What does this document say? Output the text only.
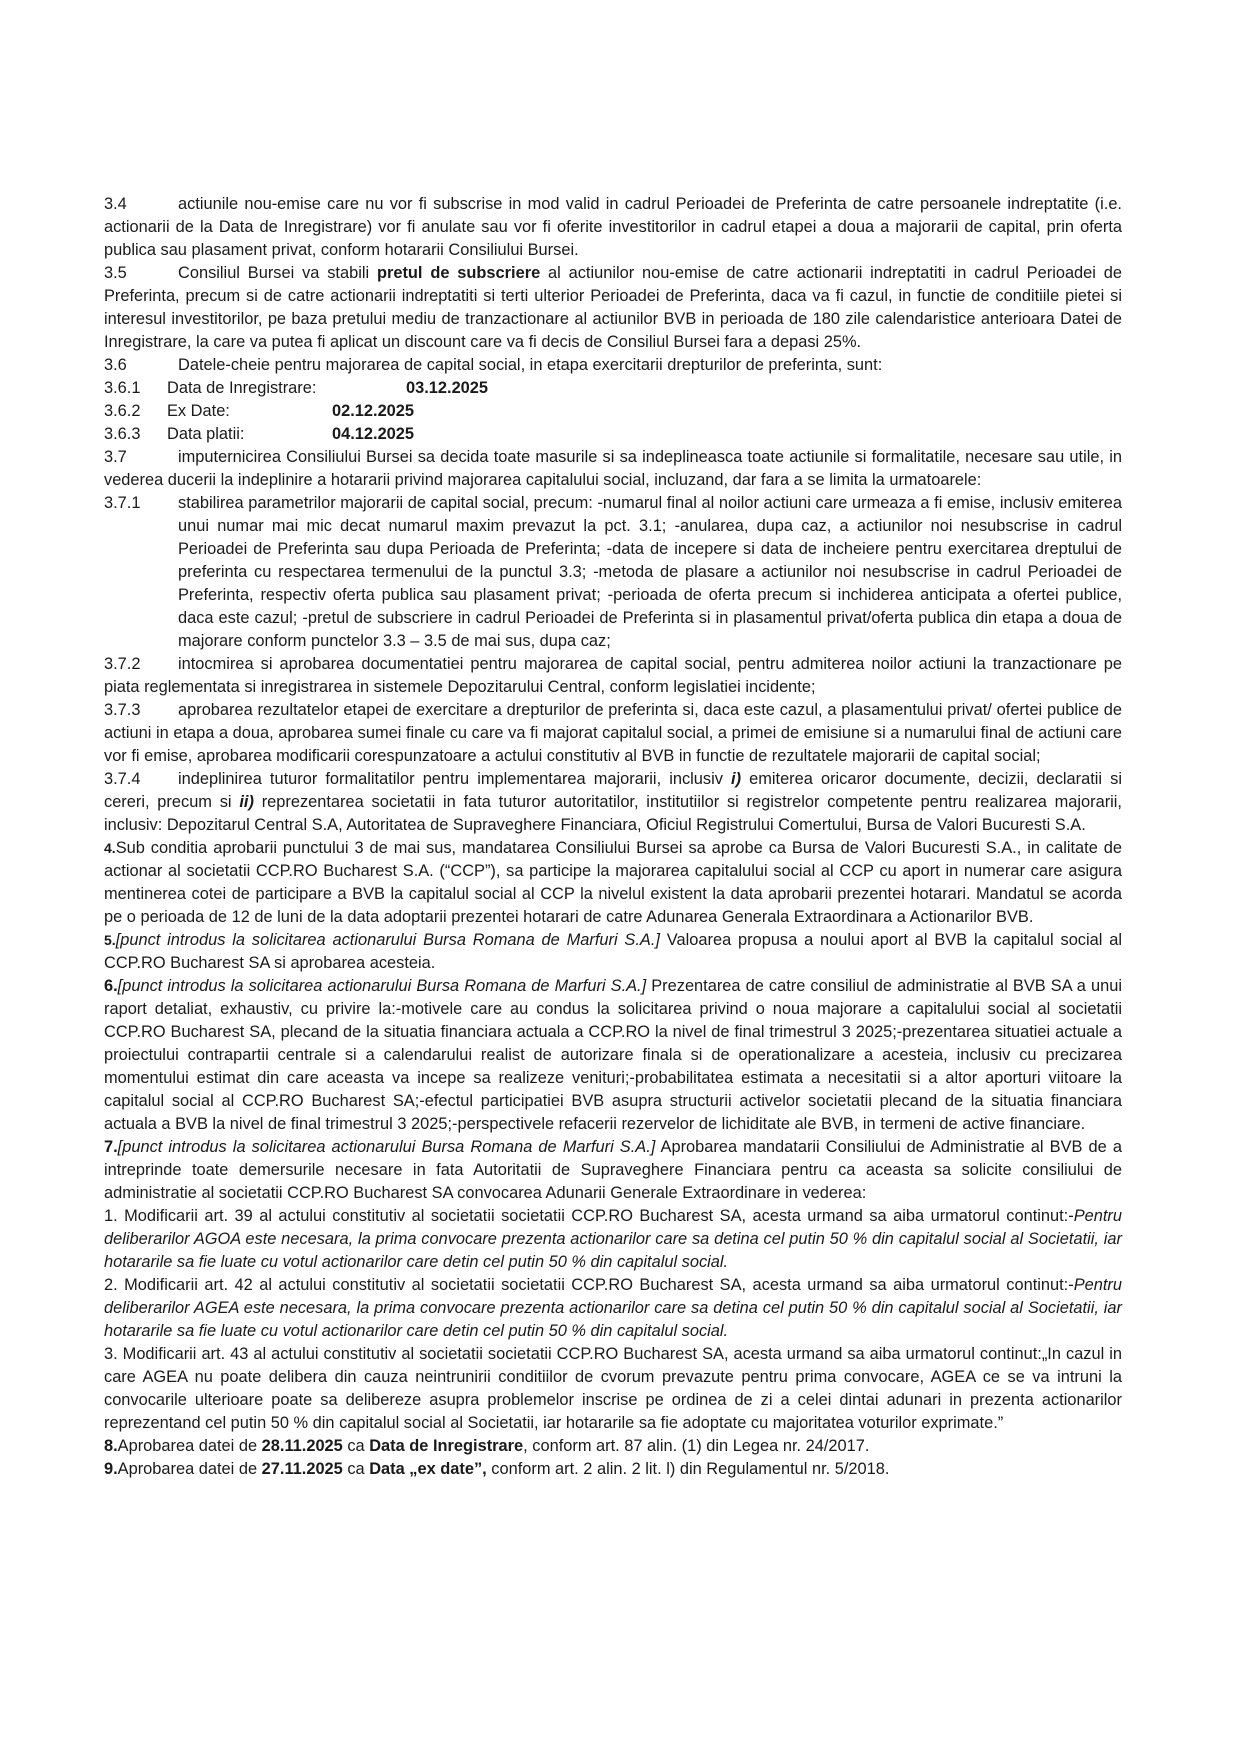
3.4	actiunile nou-emise care nu vor fi subscrise in mod valid in cadrul Perioadei de Preferinta de catre persoanele indreptatite (i.e. actionarii de la Data de Inregistrare) vor fi anulate sau vor fi oferite investitorilor in cadrul etapei a doua a majorarii de capital, prin oferta publica sau plasament privat, conform hotararii Consiliului Bursei.

3.5	Consiliul Bursei va stabili pretul de subscriere al actiunilor nou-emise de catre actionarii indreptatiti in cadrul Perioadei de Preferinta, precum si de catre actionarii indreptatiti si terti ulterior Perioadei de Preferinta, daca va fi cazul, in functie de conditiile pietei si interesul investitorilor, pe baza pretului mediu de tranzactionare al actiunilor BVB in perioada de 180 zile calendaristice anterioara Datei de Inregistrare, la care va putea fi aplicat un discount care va fi decis de Consiliul Bursei fara a depasi 25%.

3.6	Datele-cheie pentru majorarea de capital social, in etapa exercitarii drepturilor de preferinta, sunt:

3.6.1 Data de Inregistrare:	03.12.2025

3.6.2 Ex Date:	02.12.2025

3.6.3 Data platii:	04.12.2025

3.7	imputernicirea Consiliului Bursei sa decida toate masurile si sa indeplineasca toate actiunile si formalitatile, necesare sau utile, in vederea ducerii la indeplinire a hotararii privind majorarea capitalului social, incluzand, dar fara a se limita la urmatoarele:

3.7.1 stabilirea parametrilor majorarii de capital social, precum: -numarul final al noilor actiuni care urmeaza a fi emise, inclusiv emiterea unui numar mai mic decat numarul maxim prevazut la pct. 3.1; -anularea, dupa caz, a actiunilor noi nesubscrise in cadrul Perioadei de Preferinta sau dupa Perioada de Preferinta; -data de incepere si data de incheiere pentru exercitarea dreptului de preferinta cu respectarea termenului de la punctul 3.3; -metoda de plasare a actiunilor noi nesubscrise in cadrul Perioadei de Preferinta, respectiv oferta publica sau plasament privat; -perioada de oferta precum si inchiderea anticipata a ofertei publice, daca este cazul; -pretul de subscriere in cadrul Perioadei de Preferinta si in plasamentul privat/oferta publica din etapa a doua de majorare conform punctelor 3.3 – 3.5 de mai sus, dupa caz;

3.7.2 intocmirea si aprobarea documentatiei pentru majorarea de capital social, pentru admiterea noilor actiuni la tranzactionare pe piata reglementata si inregistrarea in sistemele Depozitarului Central, conform legislatiei incidente;

3.7.3 aprobarea rezultatelor etapei de exercitare a drepturilor de preferinta si, daca este cazul, a plasamentului privat/ ofertei publice de actiuni in etapa a doua, aprobarea sumei finale cu care va fi majorat capitalul social, a primei de emisiune si a numarului final de actiuni care vor fi emise, aprobarea modificarii corespunzatoare a actului constitutiv al BVB in functie de rezultatele majorarii de capital social;

3.7.4 indeplinirea tuturor formalitatilor pentru implementarea majorarii, inclusiv i) emiterea oricaror documente, decizii, declaratii si cereri, precum si ii) reprezentarea societatii in fata tuturor autoritatilor, institutiilor si registrelor competente pentru realizarea majorarii, inclusiv: Depozitarul Central S.A, Autoritatea de Supraveghere Financiara, Oficiul Registrului Comertului, Bursa de Valori Bucuresti S.A.

4.Sub conditia aprobarii punctului 3 de mai sus, mandatarea Consiliului Bursei sa aprobe ca Bursa de Valori Bucuresti S.A., in calitate de actionar al societatii CCP.RO Bucharest S.A. (“CCP”), sa participe la majorarea capitalului social al CCP cu aport in numerar care asigura mentinerea cotei de participare a BVB la capitalul social al CCP la nivelul existent la data aprobarii prezentei hotarari. Mandatul se acorda pe o perioada de 12 de luni de la data adoptarii prezentei hotarari de catre Adunarea Generala Extraordinara a Actionarilor BVB.

5.[punct introdus la solicitarea actionarului Bursa Romana de Marfuri S.A.] Valoarea propusa a noului aport al BVB la capitalul social al CCP.RO Bucharest SA si aprobarea acesteia.

6.[punct introdus la solicitarea actionarului Bursa Romana de Marfuri S.A.] Prezentarea de catre consiliul de administratie al BVB SA a unui raport detaliat, exhaustiv, cu privire la:-motivele care au condus la solicitarea privind o noua majorare a capitalului social al societatii CCP.RO Bucharest SA, plecand de la situatia financiara actuala a CCP.RO la nivel de final trimestrul 3 2025;-prezentarea situatiei actuale a proiectului contrapartii centrale si a calendarului realist de autorizare finala si de operationalizare a acesteia, inclusiv cu precizarea momentului estimat din care aceasta va incepe sa realizeze venituri;-probabilitatea estimata a necesitatii si a altor aporturi viitoare la capitalul social al CCP.RO Bucharest SA;-efectul participatiei BVB asupra structurii activelor societatii plecand de la situatia financiara actuala a BVB la nivel de final trimestrul 3 2025;-perspectivele refacerii rezervelor de lichiditate ale BVB, in termeni de active financiare.

7.[punct introdus la solicitarea actionarului Bursa Romana de Marfuri S.A.] Aprobarea mandatarii Consiliului de Administratie al BVB de a intreprinde toate demersurile necesare in fata Autoritatii de Supraveghere Financiara pentru ca aceasta sa solicite consiliului de administratie al societatii CCP.RO Bucharest SA convocarea Adunarii Generale Extraordinare in vederea:

1. Modificarii art. 39 al actului constitutiv al societatii societatii CCP.RO Bucharest SA, acesta urmand sa aiba urmatorul continut:-Pentru deliberarilor AGOA este necesara, la prima convocare prezenta actionarilor care sa detina cel putin 50 % din capitalul social al Societatii, iar hotararile sa fie luate cu votul actionarilor care detin cel putin 50 % din capitalul social.

2. Modificarii art. 42 al actului constitutiv al societatii societatii CCP.RO Bucharest SA, acesta urmand sa aiba urmatorul continut:-Pentru deliberarilor AGEA este necesara, la prima convocare prezenta actionarilor care sa detina cel putin 50 % din capitalul social al Societatii, iar hotararile sa fie luate cu votul actionarilor care detin cel putin 50 % din capitalul social.

3. Modificarii art. 43 al actului constitutiv al societatii societatii CCP.RO Bucharest SA, acesta urmand sa aiba urmatorul continut:„In cazul in care AGEA nu poate delibera din cauza neintrunirii conditiilor de cvorum prevazute pentru prima convocare, AGEA ce se va intruni la convocarile ulterioare poate sa delibereze asupra problemelor inscrise pe ordinea de zi a celei dintai adunari in prezenta actionarilor reprezentand cel putin 50 % din capitalul social al Societatii, iar hotararile sa fie adoptate cu majoritatea voturilor exprimate.”

8.Aprobarea datei de 28.11.2025 ca Data de Inregistrare, conform art. 87 alin. (1) din Legea nr. 24/2017.

9.Aprobarea datei de 27.11.2025 ca Data „ex date”, conform art. 2 alin. 2 lit. l) din Regulamentul nr. 5/2018.
